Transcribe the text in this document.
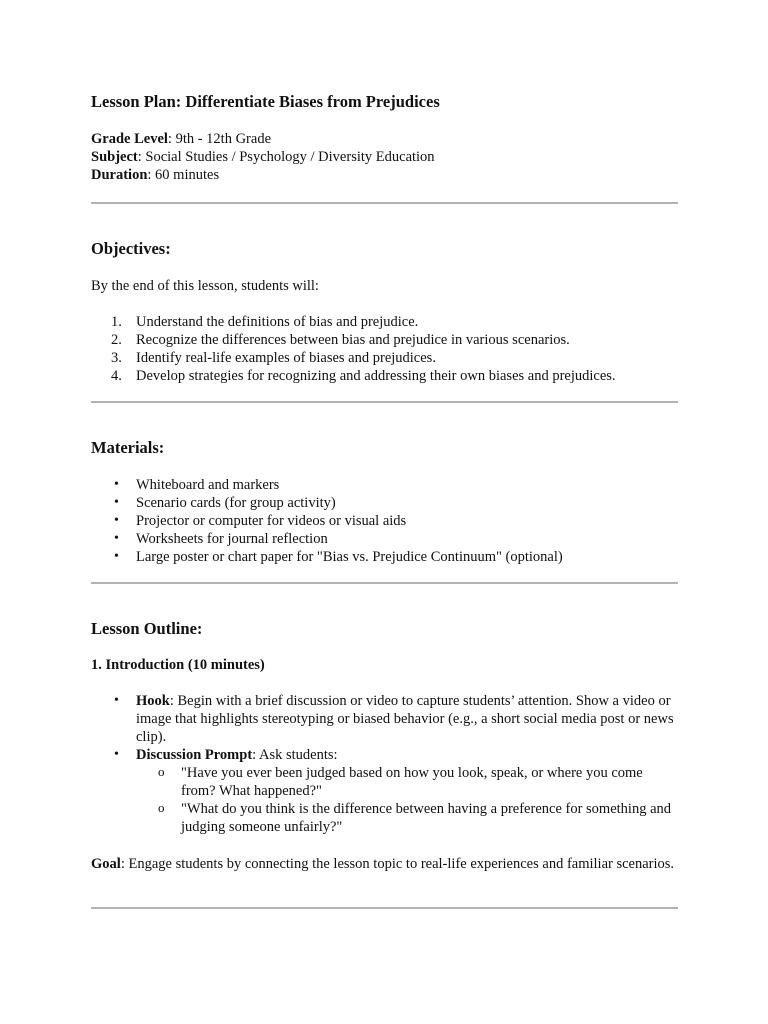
Lesson Plan: Differentiate Biases from Prejudices
Grade Level: 9th - 12th Grade
Subject: Social Studies / Psychology / Diversity Education
Duration: 60 minutes
Objectives:

By the end of this lesson, students will:

1. Understand the definitions of bias and prejudice.
2. Recognize the differences between bias and prejudice in various scenarios.
3. Identify real-life examples of biases and prejudices.
4. Develop strategies for recognizing and addressing their own biases and prejudices.
Materials:
• Whiteboard and markers
• Scenario cards (for group activity)
• Projector or computer for videos or visual aids
• Worksheets for journal reflection
• Large poster or chart paper for "Bias vs. Prejudice Continuum" (optional)
Lesson Outline:
1. Introduction (10 minutes)
• Hook: Begin with a brief discussion or video to capture students’ attention. Show a video or image that highlights stereotyping or biased behavior (e.g., a short social media post or news clip).
• Discussion Prompt: Ask students:
o "Have you ever been judged based on how you look, speak, or where you come from? What happened?"
o "What do you think is the difference between having a preference for something and judging someone unfairly?"

Goal: Engage students by connecting the lesson topic to real-life experiences and familiar scenarios.
